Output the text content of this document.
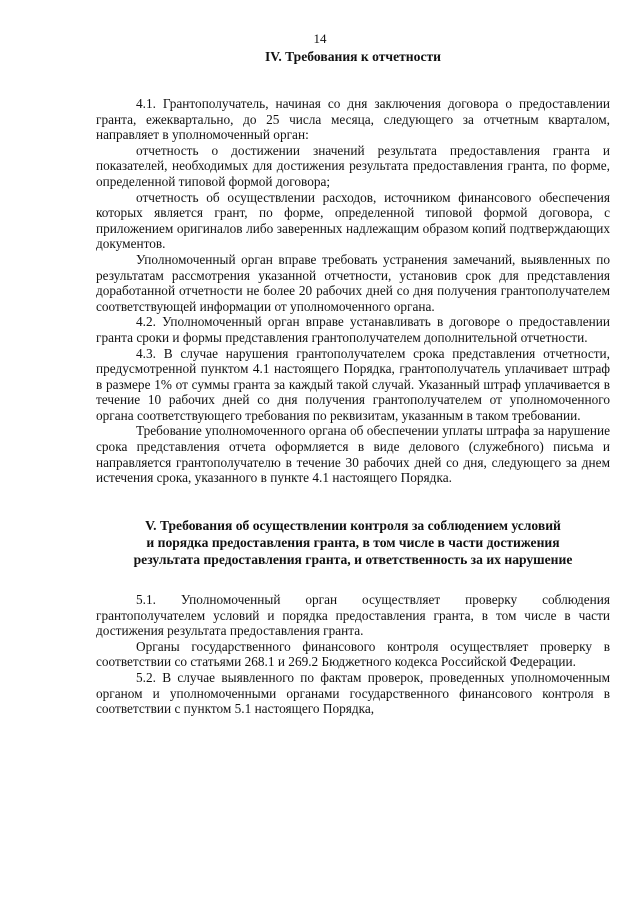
14
IV. Требования к отчетности

4.1. Грантополучатель, начиная со дня заключения договора о предоставлении гранта, ежеквартально, до 25 числа месяца, следующего за отчетным кварталом, направляет в уполномоченный орган:

отчетность о достижении значений результата предоставления гранта и показателей, необходимых для достижения результата предоставления гранта, по форме, определенной типовой формой договора;

отчетность об осуществлении расходов, источником финансового обеспечения которых является грант, по форме, определенной типовой формой договора, с приложением оригиналов либо заверенных надлежащим образом копий подтверждающих документов.

Уполномоченный орган вправе требовать устранения замечаний, выявленных по результатам рассмотрения указанной отчетности, установив срок для представления доработанной отчетности не более 20 рабочих дней со дня получения грантополучателем соответствующей информации от уполномоченного органа.

4.2. Уполномоченный орган вправе устанавливать в договоре о предоставлении гранта сроки и формы представления грантополучателем дополнительной отчетности.

4.3. В случае нарушения грантополучателем срока представления отчетности, предусмотренной пунктом 4.1 настоящего Порядка, грантополучатель уплачивает штраф в размере 1% от суммы гранта за каждый такой случай. Указанный штраф уплачивается в течение 10 рабочих дней со дня получения грантополучателем от уполномоченного органа соответствующего требования по реквизитам, указанным в таком требовании.

Требование уполномоченного органа об обеспечении уплаты штрафа за нарушение срока представления отчета оформляется в виде делового (служебного) письма и направляется грантополучателю в течение 30 рабочих дней со дня, следующего за днем истечения срока, указанного в пункте 4.1 настоящего Порядка.

V. Требования об осуществлении контроля за соблюдением условий
и порядка предоставления гранта, в том числе в части достижения
результата предоставления гранта, и ответственность за их нарушение

5.1. Уполномоченный орган осуществляет проверку соблюдения грантополучателем условий и порядка предоставления гранта, в том числе в части достижения результата предоставления гранта.

Органы государственного финансового контроля осуществляет проверку в соответствии со статьями 268.1 и 269.2 Бюджетного кодекса Российской Федерации.

5.2. В случае выявленного по фактам проверок, проведенных уполномоченным органом и уполномоченными органами государственного финансового контроля в соответствии с пунктом 5.1 настоящего Порядка,
